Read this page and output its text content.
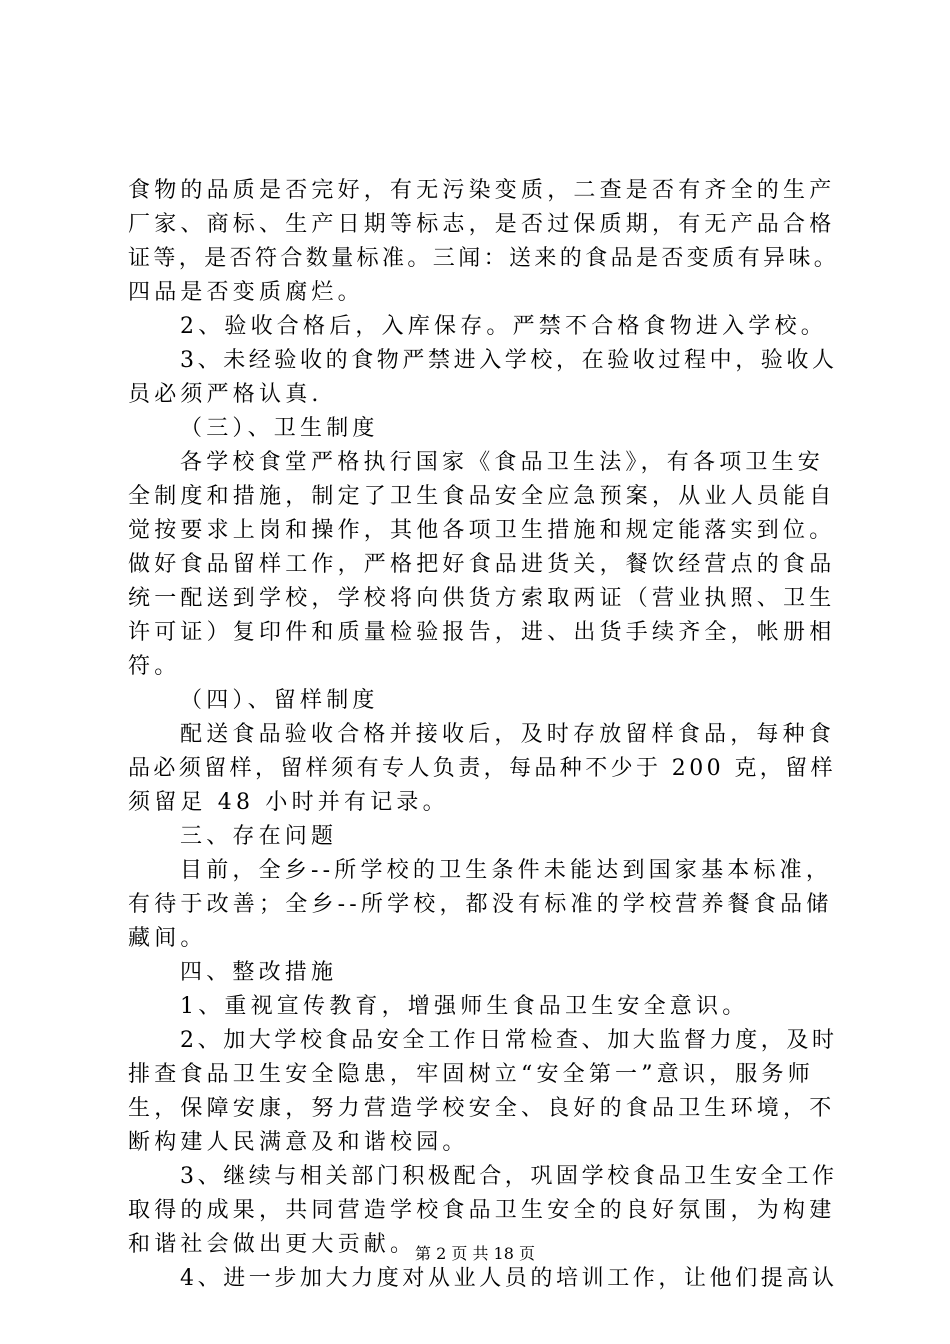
食物的品质是否完好，有无污染变质，二查是否有齐全的生产
厂家、商标、生产日期等标志，是否过保质期，有无产品合格
证等，是否符合数量标准。三闻：送来的食品是否变质有异味。
四品是否变质腐烂。
2、验收合格后，入库保存。严禁不合格食物进入学校。
3、未经验收的食物严禁进入学校，在验收过程中，验收人
员必须严格认真.
（三）、卫生制度
各学校食堂严格执行国家《食品卫生法》，有各项卫生安
全制度和措施，制定了卫生食品安全应急预案，从业人员能自
觉按要求上岗和操作，其他各项卫生措施和规定能落实到位。
做好食品留样工作，严格把好食品进货关，餐饮经营点的食品
统一配送到学校，学校将向供货方索取两证（营业执照、卫生
许可证）复印件和质量检验报告，进、出货手续齐全，帐册相
符。
（四）、留样制度
配送食品验收合格并接收后，及时存放留样食品，每种食
品必须留样，留样须有专人负责，每品种不少于 200 克，留样
须留足 48 小时并有记录。
三、存在问题
目前，全乡--所学校的卫生条件未能达到国家基本标准，
有待于改善；全乡--所学校，都没有标准的学校营养餐食品储
藏间。
四、整改措施
1、重视宣传教育，增强师生食品卫生安全意识。
2、加大学校食品安全工作日常检查、加大监督力度，及时
排查食品卫生安全隐患，牢固树立“安全第一”意识，服务师
生，保障安康，努力营造学校安全、良好的食品卫生环境，不
断构建人民满意及和谐校园。
3、继续与相关部门积极配合，巩固学校食品卫生安全工作
取得的成果，共同营造学校食品卫生安全的良好氛围，为构建
和谐社会做出更大贡献。
4、进一步加大力度对从业人员的培训工作，让他们提高认
第 2 页 共 18 页
